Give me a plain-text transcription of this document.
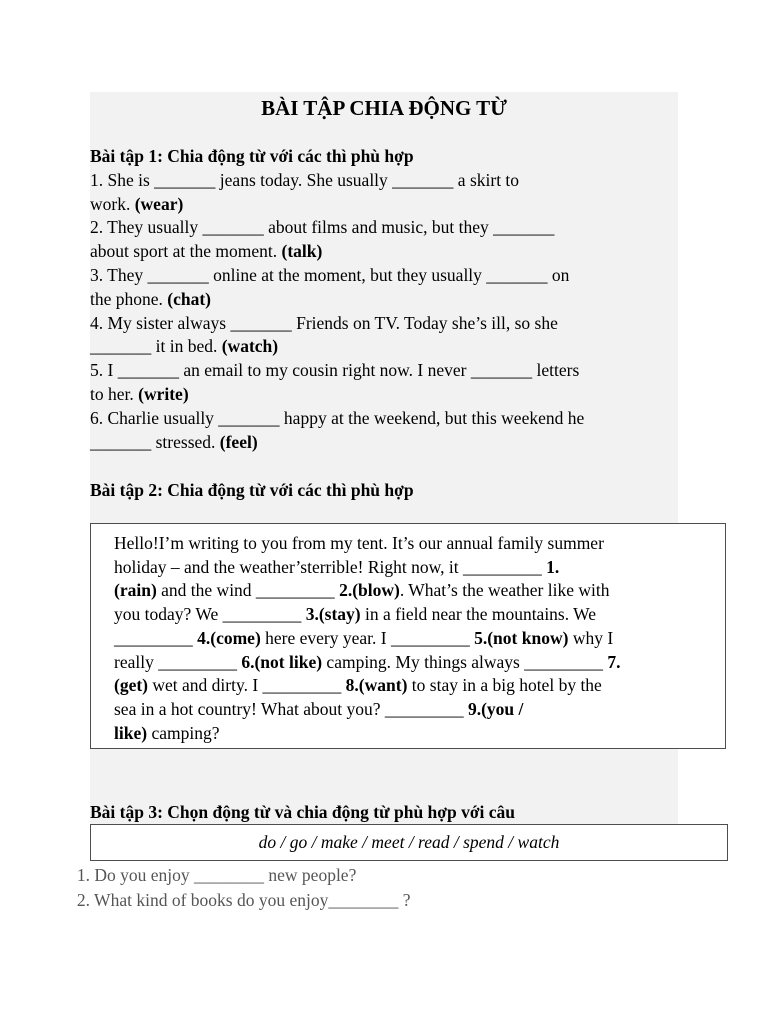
BÀI TẬP CHIA ĐỘNG TỪ
Bài tập 1: Chia động từ với các thì phù hợp
1. She is _______ jeans today. She usually _______ a skirt to
work. (wear)
2. They usually _______ about films and music, but they _______
about sport at the moment. (talk)
3. They _______ online at the moment, but they usually _______ on
the phone. (chat)
4. My sister always _______ Friends on TV. Today she’s ill, so she
_______ it in bed. (watch)
5. I _______ an email to my cousin right now. I never _______ letters
to her. (write)
6. Charlie usually _______ happy at the weekend, but this weekend he
_______ stressed. (feel)
Bài tập 2: Chia động từ với các thì phù hợp
Hello!I’m writing to you from my tent. It’s our annual family summer
holiday – and the weather’sterrible! Right now, it _________ 1.
(rain) and the wind _________ 2.(blow). What’s the weather like with
you today? We _________ 3.(stay) in a field near the mountains. We
_________ 4.(come) here every year. I _________ 5.(not know) why I
really _________ 6.(not like) camping. My things always _________ 7.
(get) wet and dirty. I _________ 8.(want) to stay in a big hotel by the
sea in a hot country! What about you? _________ 9.(you /
like) camping?
Bài tập 3: Chọn động từ và chia động từ phù hợp với câu
do / go / make / meet / read / spend / watch
1. Do you enjoy ________ new people?
2. What kind of books do you enjoy________ ?
